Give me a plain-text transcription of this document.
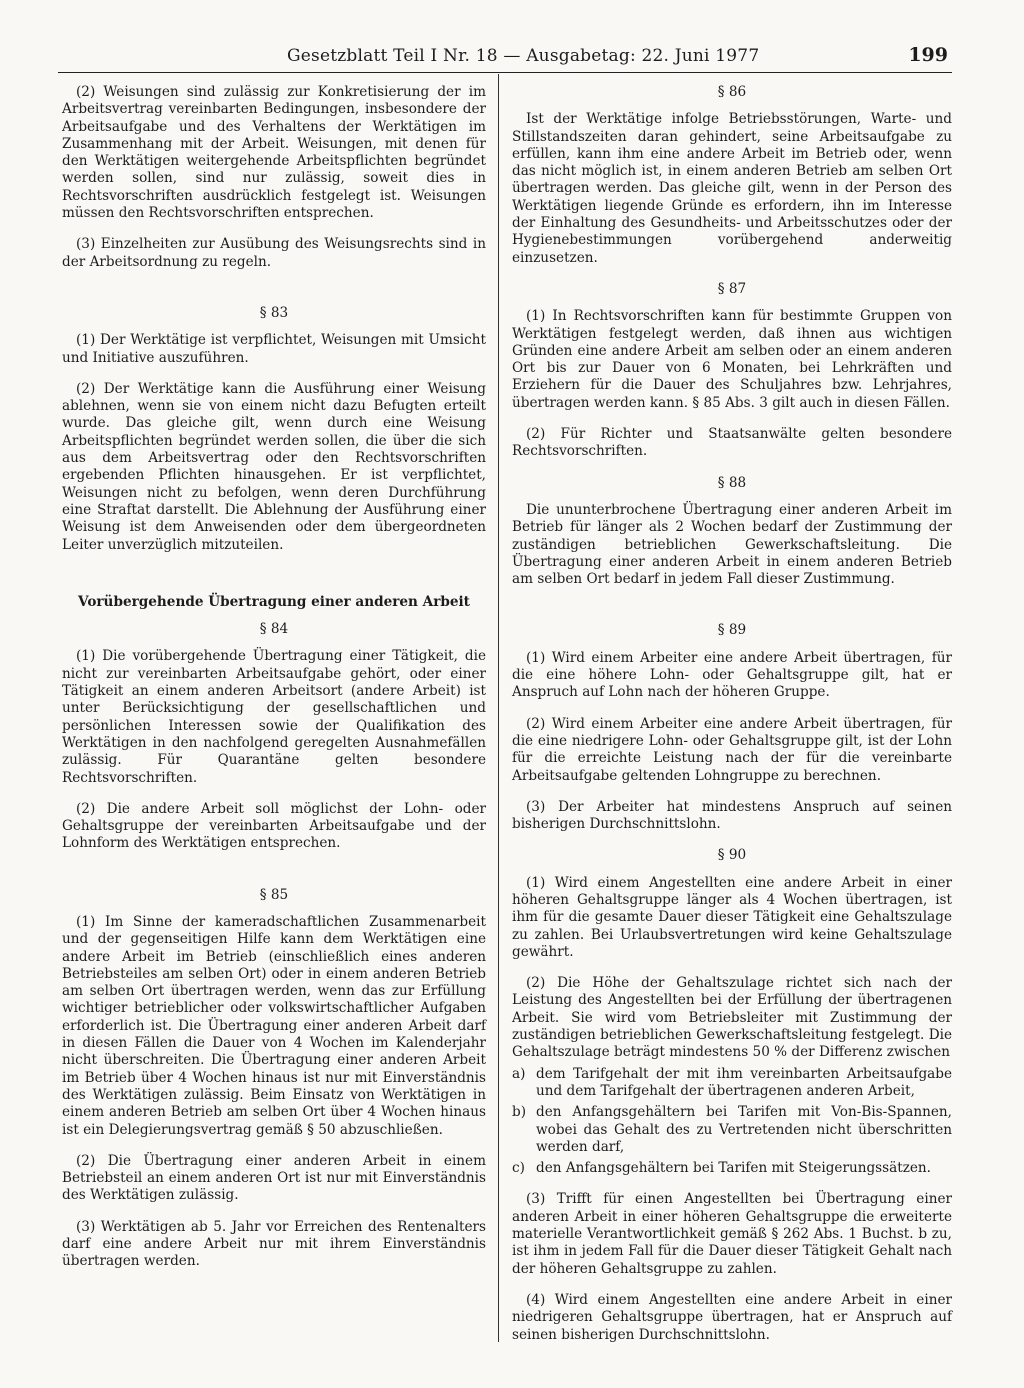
Gesetzblatt Teil I Nr. 18 — Ausgabetag: 22. Juni 1977	199

(2) Weisungen sind zulässig zur Konkretisierung der im Arbeitsvertrag vereinbarten Bedingungen, insbesondere der Arbeitsaufgabe und des Verhaltens der Werktätigen im Zusammenhang mit der Arbeit. Weisungen, mit denen für den Werktätigen weitergehende Arbeitspflichten begründet werden sollen, sind nur zulässig, soweit dies in Rechtsvorschriften ausdrücklich festgelegt ist. Weisungen müssen den Rechtsvorschriften entsprechen.

(3) Einzelheiten zur Ausübung des Weisungsrechts sind in der Arbeitsordnung zu regeln.

§ 83

(1) Der Werktätige ist verpflichtet, Weisungen mit Umsicht und Initiative auszuführen.

(2) Der Werktätige kann die Ausführung einer Weisung ablehnen, wenn sie von einem nicht dazu Befugten erteilt wurde. Das gleiche gilt, wenn durch eine Weisung Arbeitspflichten begründet werden sollen, die über die sich aus dem Arbeitsvertrag oder den Rechtsvorschriften ergebenden Pflichten hinausgehen. Er ist verpflichtet, Weisungen nicht zu befolgen, wenn deren Durchführung eine Straftat darstellt. Die Ablehnung der Ausführung einer Weisung ist dem Anweisenden oder dem übergeordneten Leiter unverzüglich mitzuteilen.

Vorübergehende Übertragung einer anderen Arbeit

§ 84

(1) Die vorübergehende Übertragung einer Tätigkeit, die nicht zur vereinbarten Arbeitsaufgabe gehört, oder einer Tätigkeit an einem anderen Arbeitsort (andere Arbeit) ist unter Berücksichtigung der gesellschaftlichen und persönlichen Interessen sowie der Qualifikation des Werktätigen in den nachfolgend geregelten Ausnahmefällen zulässig. Für Quarantäne gelten besondere Rechtsvorschriften.

(2) Die andere Arbeit soll möglichst der Lohn- oder Gehaltsgruppe der vereinbarten Arbeitsaufgabe und der Lohnform des Werktätigen entsprechen.

§ 85

(1) Im Sinne der kameradschaftlichen Zusammenarbeit und der gegenseitigen Hilfe kann dem Werktätigen eine andere Arbeit im Betrieb (einschließlich eines anderen Betriebsteiles am selben Ort) oder in einem anderen Betrieb am selben Ort übertragen werden, wenn das zur Erfüllung wichtiger betrieblicher oder volkswirtschaftlicher Aufgaben erforderlich ist. Die Übertragung einer anderen Arbeit darf in diesen Fällen die Dauer von 4 Wochen im Kalenderjahr nicht überschreiten. Die Übertragung einer anderen Arbeit im Betrieb über 4 Wochen hinaus ist nur mit Einverständnis des Werktätigen zulässig. Beim Einsatz von Werktätigen in einem anderen Betrieb am selben Ort über 4 Wochen hinaus ist ein Delegierungsvertrag gemäß § 50 abzuschließen.

(2) Die Übertragung einer anderen Arbeit in einem Betriebsteil an einem anderen Ort ist nur mit Einverständnis des Werktätigen zulässig.

(3) Werktätigen ab 5. Jahr vor Erreichen des Rentenalters darf eine andere Arbeit nur mit ihrem Einverständnis übertragen werden.

§ 86

Ist der Werktätige infolge Betriebsstörungen, Warte- und Stillstandszeiten daran gehindert, seine Arbeitsaufgabe zu erfüllen, kann ihm eine andere Arbeit im Betrieb oder, wenn das nicht möglich ist, in einem anderen Betrieb am selben Ort übertragen werden. Das gleiche gilt, wenn in der Person des Werktätigen liegende Gründe es erfordern, ihn im Interesse der Einhaltung des Gesundheits- und Arbeitsschutzes oder der Hygienebestimmungen vorübergehend anderweitig einzusetzen.

§ 87

(1) In Rechtsvorschriften kann für bestimmte Gruppen von Werktätigen festgelegt werden, daß ihnen aus wichtigen Gründen eine andere Arbeit am selben oder an einem anderen Ort bis zur Dauer von 6 Monaten, bei Lehrkräften und Erziehern für die Dauer des Schuljahres bzw. Lehrjahres, übertragen werden kann. § 85 Abs. 3 gilt auch in diesen Fällen.

(2) Für Richter und Staatsanwälte gelten besondere Rechtsvorschriften.

§ 88

Die ununterbrochene Übertragung einer anderen Arbeit im Betrieb für länger als 2 Wochen bedarf der Zustimmung der zuständigen betrieblichen Gewerkschaftsleitung. Die Übertragung einer anderen Arbeit in einem anderen Betrieb am selben Ort bedarf in jedem Fall dieser Zustimmung.

§ 89

(1) Wird einem Arbeiter eine andere Arbeit übertragen, für die eine höhere Lohn- oder Gehaltsgruppe gilt, hat er Anspruch auf Lohn nach der höheren Gruppe.

(2) Wird einem Arbeiter eine andere Arbeit übertragen, für die eine niedrigere Lohn- oder Gehaltsgruppe gilt, ist der Lohn für die erreichte Leistung nach der für die vereinbarte Arbeitsaufgabe geltenden Lohngruppe zu berechnen.

(3) Der Arbeiter hat mindestens Anspruch auf seinen bisherigen Durchschnittslohn.

§ 90

(1) Wird einem Angestellten eine andere Arbeit in einer höheren Gehaltsgruppe länger als 4 Wochen übertragen, ist ihm für die gesamte Dauer dieser Tätigkeit eine Gehaltszulage zu zahlen. Bei Urlaubsvertretungen wird keine Gehaltszulage gewährt.

(2) Die Höhe der Gehaltszulage richtet sich nach der Leistung des Angestellten bei der Erfüllung der übertragenen Arbeit. Sie wird vom Betriebsleiter mit Zustimmung der zuständigen betrieblichen Gewerkschaftsleitung festgelegt. Die Gehaltszulage beträgt mindestens 50 % der Differenz zwischen

a) dem Tarifgehalt der mit ihm vereinbarten Arbeitsaufgabe und dem Tarifgehalt der übertragenen anderen Arbeit,
b) den Anfangsgehältern bei Tarifen mit Von-Bis-Spannen, wobei das Gehalt des zu Vertretenden nicht überschritten werden darf,
c) den Anfangsgehältern bei Tarifen mit Steigerungssätzen.

(3) Trifft für einen Angestellten bei Übertragung einer anderen Arbeit in einer höheren Gehaltsgruppe die erweiterte materielle Verantwortlichkeit gemäß § 262 Abs. 1 Buchst. b zu, ist ihm in jedem Fall für die Dauer dieser Tätigkeit Gehalt nach der höheren Gehaltsgruppe zu zahlen.

(4) Wird einem Angestellten eine andere Arbeit in einer niedrigeren Gehaltsgruppe übertragen, hat er Anspruch auf seinen bisherigen Durchschnittslohn.
